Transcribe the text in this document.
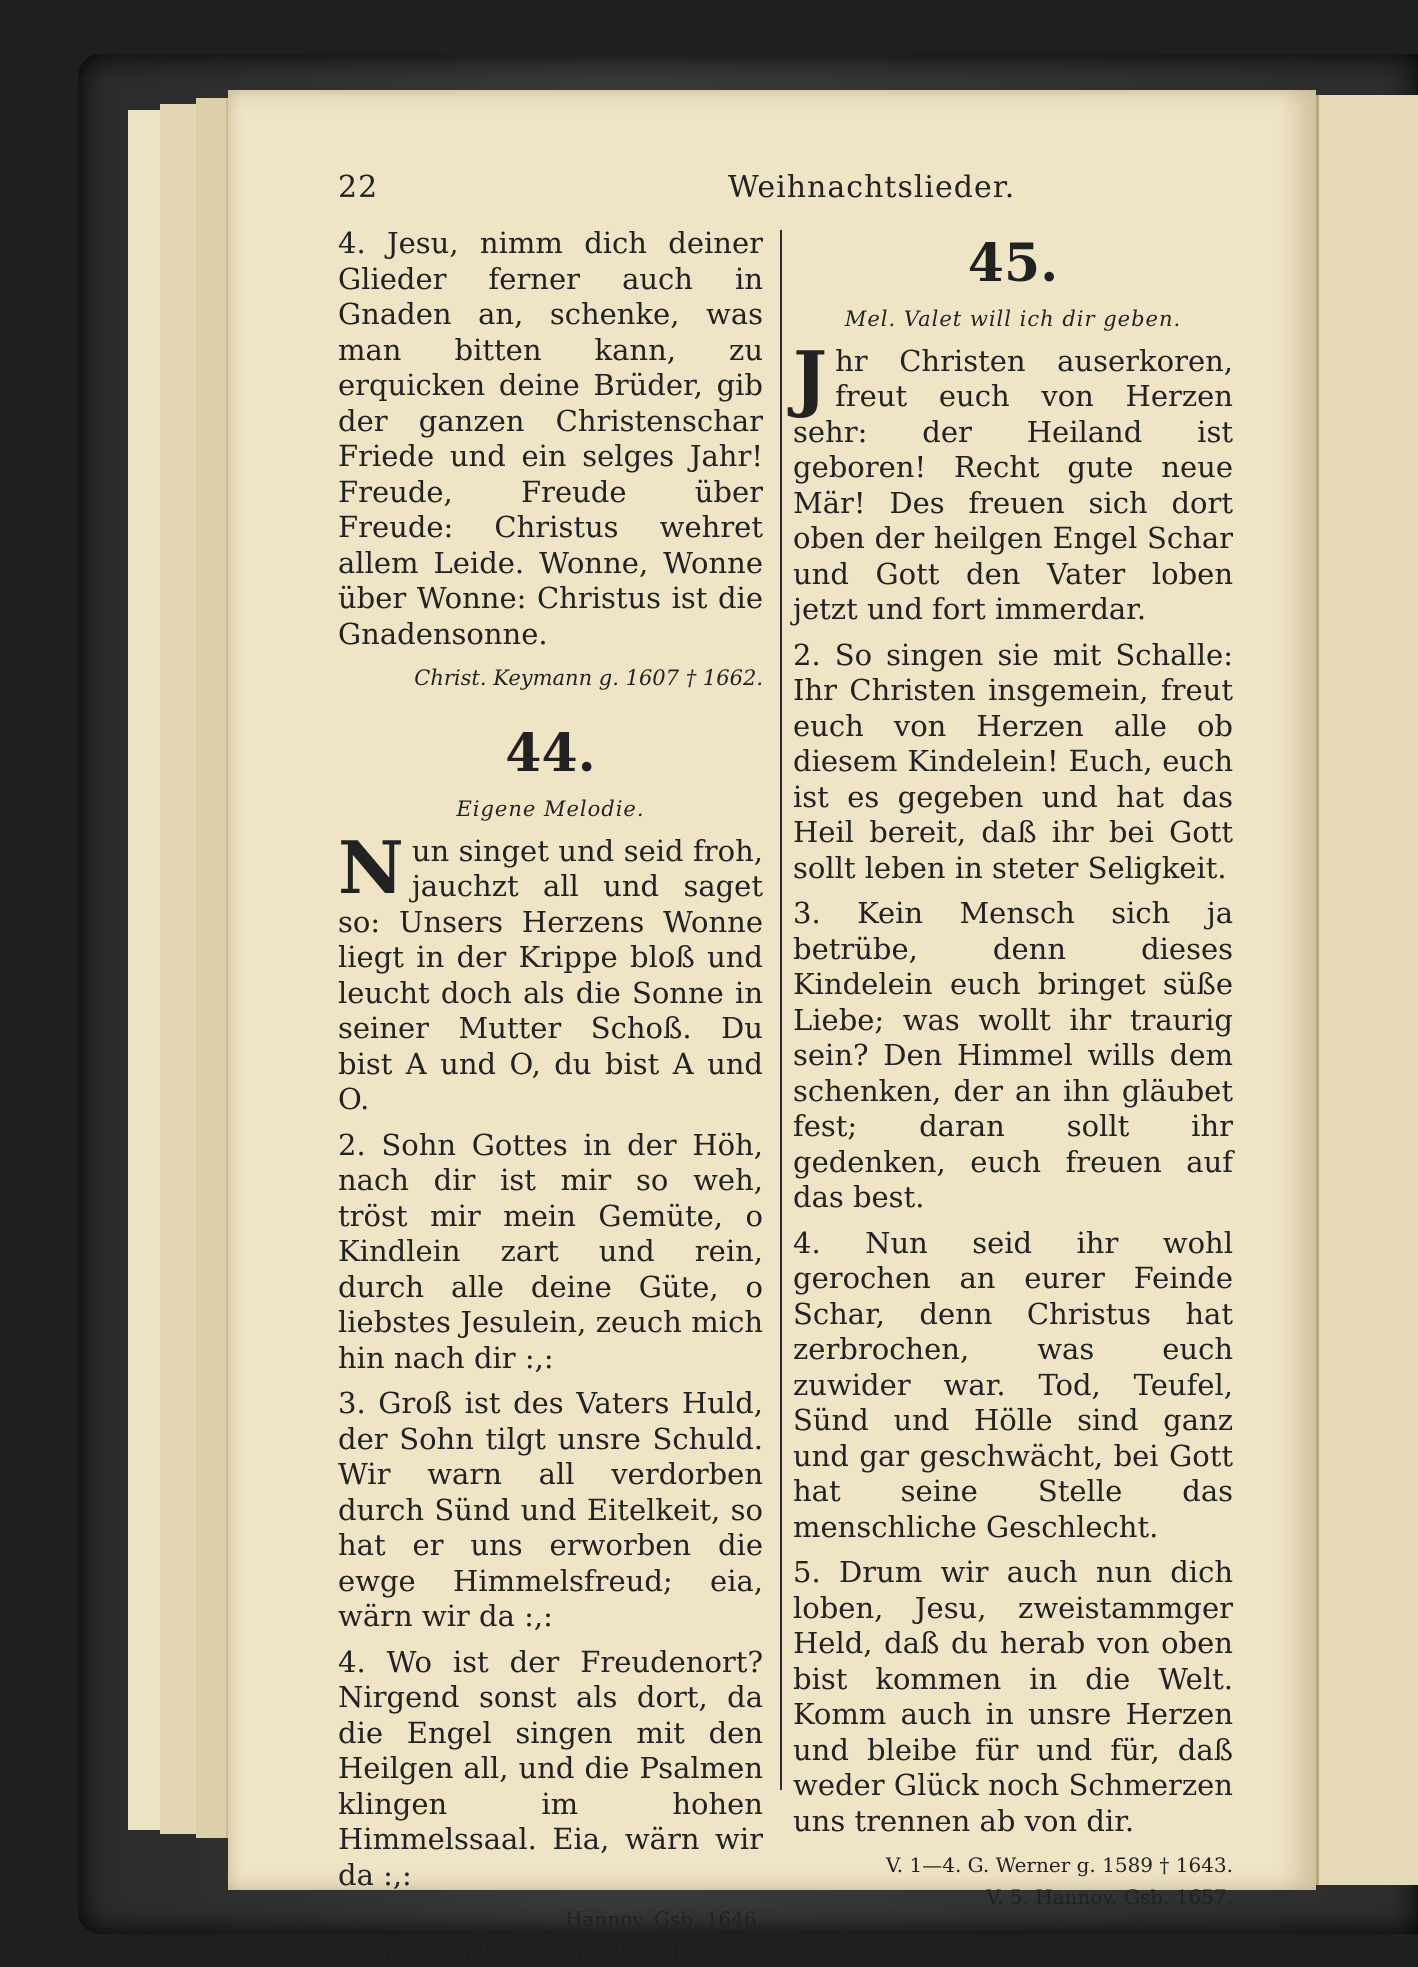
22	Weihnachtslieder.

4. Jesu, nimm dich deiner Glieder ferner auch in Gnaden an, schenke, was man bitten kann, zu erquicken deine Brüder, gib der ganzen Christenschar Friede und ein selges Jahr! Freude, Freude über Freude: Christus wehret allem Leide. Wonne, Wonne über Wonne: Christus ist die Gnadensonne.

Christ. Keymann g. 1607 † 1662.
44.
Eigene Melodie.

Nun singet und seid froh, jauchzt all und saget so: Unsers Herzens Wonne liegt in der Krippe bloß und leucht doch als die Sonne in seiner Mutter Schoß. Du bist A und O, du bist A und O.

2. Sohn Gottes in der Höh, nach dir ist mir so weh, tröst mir mein Gemüte, o Kindlein zart und rein, durch alle deine Güte, o liebstes Jesulein, zeuch mich hin nach dir :,:

3. Groß ist des Vaters Huld, der Sohn tilgt unsre Schuld. Wir warn all verdorben durch Sünd und Eitelkeit, so hat er uns erworben die ewge Himmelsfreud; eia, wärn wir da :,:

4. Wo ist der Freudenort? Nirgend sonst als dort, da die Engel singen mit den Heilgen all, und die Psalmen klingen im hohen Himmelssaal. Eia, wärn wir da :,:

Hannov. Gsb. 1646.
Nach dem Lateinischen In dulci jubilo.
45.
Mel. Valet will ich dir geben.

Jhr Christen auserkoren, freut euch von Herzen sehr: der Heiland ist geboren! Recht gute neue Mär! Des freuen sich dort oben der heilgen Engel Schar und Gott den Vater loben jetzt und fort immerdar.

2. So singen sie mit Schalle: Ihr Christen insgemein, freut euch von Herzen alle ob diesem Kindelein! Euch, euch ist es gegeben und hat das Heil bereit, daß ihr bei Gott sollt leben in steter Seligkeit.

3. Kein Mensch sich ja betrübe, denn dieses Kindelein euch bringet süße Liebe; was wollt ihr traurig sein? Den Himmel wills dem schenken, der an ihn gläubet fest; daran sollt ihr gedenken, euch freuen auf das best.

4. Nun seid ihr wohl gerochen an eurer Feinde Schar, denn Christus hat zerbrochen, was euch zuwider war. Tod, Teufel, Sünd und Hölle sind ganz und gar geschwächt, bei Gott hat seine Stelle das menschliche Geschlecht.

5. Drum wir auch nun dich loben, Jesu, zweistammger Held, daß du herab von oben bist kommen in die Welt. Komm auch in unsre Herzen und bleibe für und für, daß weder Glück noch Schmerzen uns trennen ab von dir.

V. 1—4. G. Werner g. 1589 † 1643.
V. 5. Hannov. Gsb. 1657.
